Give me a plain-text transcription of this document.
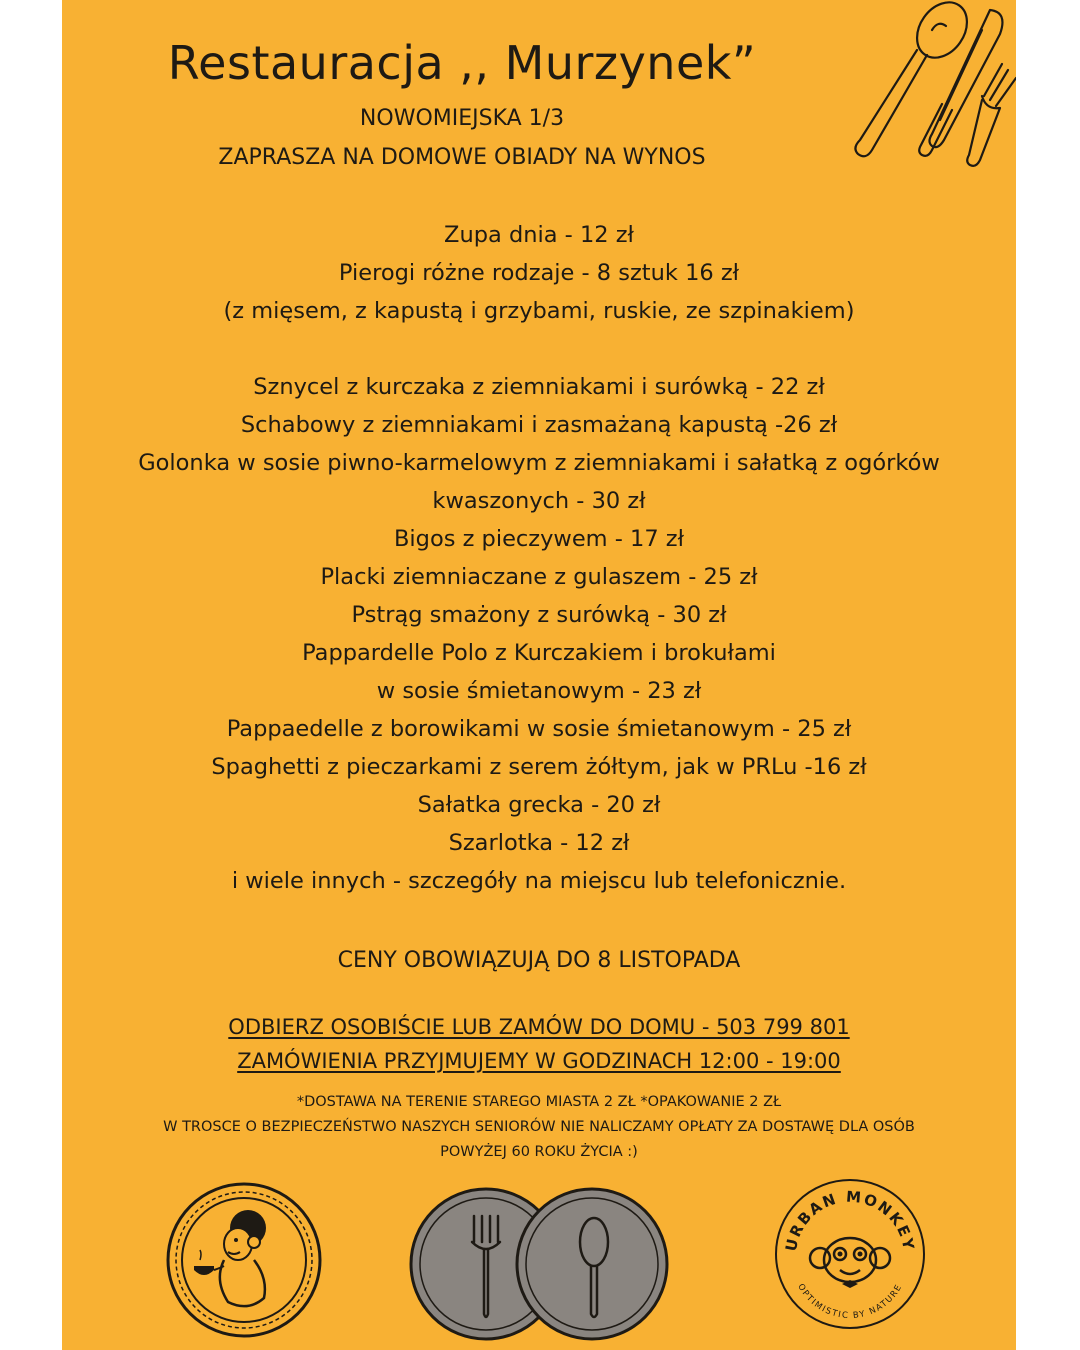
Restauracja ,, Murzynek”
NOWOMIEJSKA 1/3
ZAPRASZA NA DOMOWE OBIADY NA WYNOS
Zupa dnia - 12 zł
Pierogi różne rodzaje - 8 sztuk 16 zł
(z mięsem, z kapustą i grzybami, ruskie, ze szpinakiem)
Sznycel z kurczaka z ziemniakami i surówką - 22 zł
Schabowy z ziemniakami i zasmażaną kapustą -26 zł
Golonka w sosie piwno-karmelowym z ziemniakami i sałatką z ogórków
kwaszonych - 30 zł
Bigos z pieczywem - 17 zł
Placki ziemniaczane z gulaszem - 25 zł
Pstrąg smażony z surówką - 30 zł
Pappardelle Polo z Kurczakiem i brokułami
w sosie śmietanowym - 23 zł
Pappaedelle z borowikami w sosie śmietanowym - 25 zł
Spaghetti z pieczarkami z serem żółtym, jak w PRLu -16 zł
Sałatka grecka - 20 zł
Szarlotka - 12 zł
i wiele innych - szczegóły na miejscu lub telefonicznie.
CENY OBOWIĄZUJĄ DO 8 LISTOPADA
ODBIERZ OSOBIŚCIE LUB ZAMÓW DO DOMU - 503 799 801
ZAMÓWIENIA PRZYJMUJEMY W GODZINACH 12:00 - 19:00
*DOSTAWA NA TERENIE STAREGO MIASTA 2 ZŁ *OPAKOWANIE 2 ZŁ
W TROSCE O BEZPIECZEŃSTWO NASZYCH SENIORÓW NIE NALICZAMY OPŁATY ZA DOSTAWĘ DLA OSÓB
POWYŻEJ 60 ROKU ŻYCIA :)
URBAN MONKEY
OPTIMISTIC BY NATURE
